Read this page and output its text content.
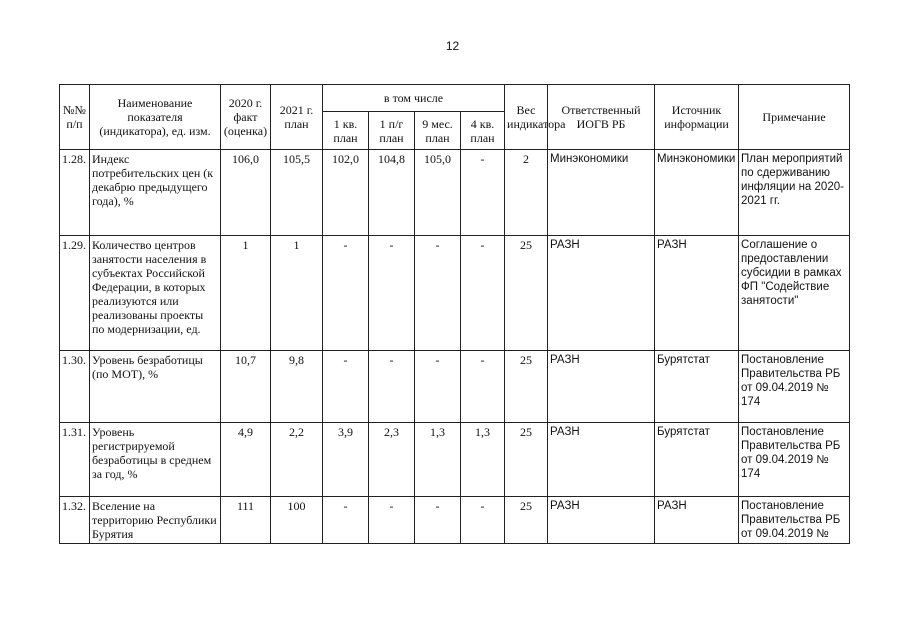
12
№№ п/п	Наименование показателя (индикатора), ед. изм.	2020 г. факт (оценка)	2021 г. план	в том числе				Вес индикатора	Ответственный ИОГВ РБ	Источник информации	Примечание
				1 кв. план	1 п/г план	9 мес. план	4 кв. план				
1.28.	Индекс потребительских цен (к декабрю предыдущего года), %	106,0	105,5	102,0	104,8	105,0	-	2	Минэкономики	Минэкономики	План мероприятий по сдерживанию инфляции на 2020- 2021 гг.
1.29.	Количество центров занятости населения в субъектах Российской Федерации, в которых реализуются или реализованы проекты по модернизации, ед.	1	1	-	-	-	-	25	РАЗН	РАЗН	Соглашение о предоставлении субсидии в рамках ФП "Содействие занятости"
1.30.	Уровень безработицы (по МОТ), %	10,7	9,8	-	-	-	-	25	РАЗН	Бурятстат	Постановление Правительства РБ от 09.04.2019 № 174
1.31.	Уровень регистрируемой безработицы в среднем за год, %	4,9	2,2	3,9	2,3	1,3	1,3	25	РАЗН	Бурятстат	Постановление Правительства РБ от 09.04.2019 № 174
1.32.	Вселение на территорию Республики Бурятия	111	100	-	-	-	-	25	РАЗН	РАЗН	Постановление Правительства РБ от 09.04.2019 №
